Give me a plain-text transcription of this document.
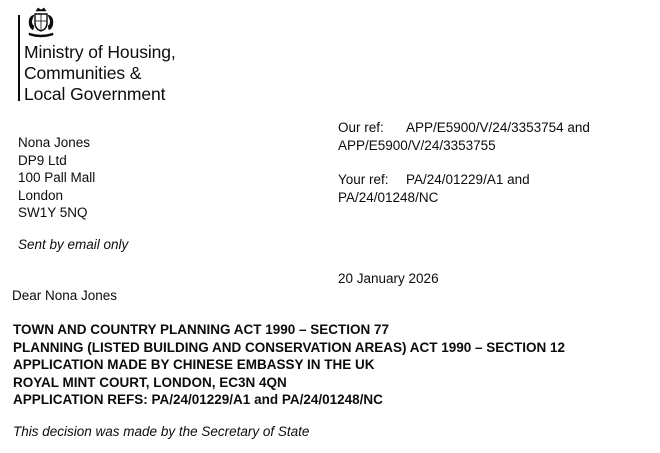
Ministry of Housing,
Communities &
Local Government
Our ref: APP/E5900/V/24/3353754 and
APP/E5900/V/24/3353755
Your ref: PA/24/01229/A1 and
PA/24/01248/NC
Nona Jones
DP9 Ltd
100 Pall Mall
London
SW1Y 5NQ
Sent by email only
20 January 2026
Dear Nona Jones
TOWN AND COUNTRY PLANNING ACT 1990 – SECTION 77
PLANNING (LISTED BUILDING AND CONSERVATION AREAS) ACT 1990 – SECTION 12
APPLICATION MADE BY CHINESE EMBASSY IN THE UK
ROYAL MINT COURT, LONDON, EC3N 4QN
APPLICATION REFS: PA/24/01229/A1 and PA/24/01248/NC
This decision was made by the Secretary of State
